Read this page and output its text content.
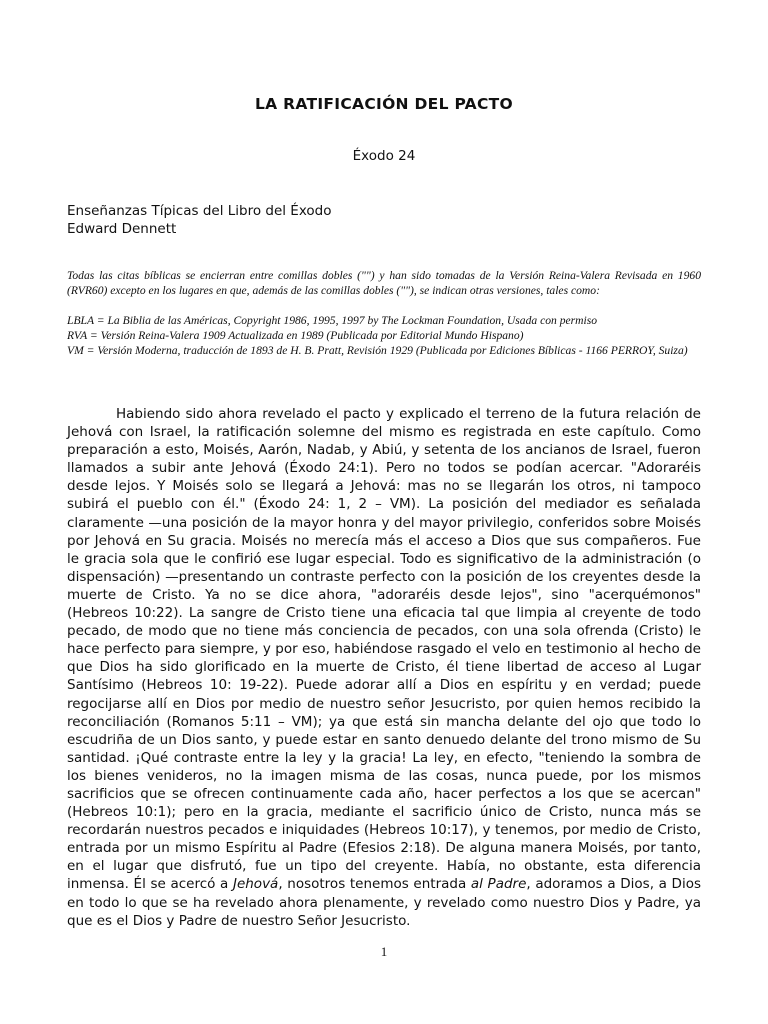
LA RATIFICACIÓN DEL PACTO
Éxodo 24
Enseñanzas Típicas del Libro del Éxodo
Edward Dennett

Todas las citas bíblicas se encierran entre comillas dobles ("") y han sido tomadas de la Versión Reina-Valera Revisada en 1960 (RVR60) excepto en los lugares en que, además de las comillas dobles (""), se indican otras versiones, tales como:

LBLA = La Biblia de las Américas, Copyright 1986, 1995, 1997 by The Lockman Foundation, Usada con permiso

RVA = Versión Reina-Valera 1909 Actualizada en 1989 (Publicada por Editorial Mundo Hispano)

VM = Versión Moderna, traducción de 1893 de H. B. Pratt, Revisión 1929 (Publicada por Ediciones Bíblicas - 1166 PERROY, Suiza)

Habiendo sido ahora revelado el pacto y explicado el terreno de la futura relación de Jehová con Israel, la ratificación solemne del mismo es registrada en este capítulo. Como preparación a esto, Moisés, Aarón, Nadab, y Abiú, y setenta de los ancianos de Israel, fueron llamados a subir ante Jehová (Éxodo 24:1). Pero no todos se podían acercar. "Adoraréis desde lejos. Y Moisés solo se llegará a Jehová: mas no se llegarán los otros, ni tampoco subirá el pueblo con él." (Éxodo 24: 1, 2 – VM). La posición del mediador es señalada claramente —una posición de la mayor honra y del mayor privilegio, conferidos sobre Moisés por Jehová en Su gracia. Moisés no merecía más el acceso a Dios que sus compañeros. Fue le gracia sola que le confirió ese lugar especial. Todo es significativo de la administración (o dispensación) —presentando un contraste perfecto con la posición de los creyentes desde la muerte de Cristo. Ya no se dice ahora, "adoraréis desde lejos", sino "acerquémonos" (Hebreos 10:22). La sangre de Cristo tiene una eficacia tal que limpia al creyente de todo pecado, de modo que no tiene más conciencia de pecados, con una sola ofrenda (Cristo) le hace perfecto para siempre, y por eso, habiéndose rasgado el velo en testimonio al hecho de que Dios ha sido glorificado en la muerte de Cristo, él tiene libertad de acceso al Lugar Santísimo (Hebreos 10: 19-22). Puede adorar allí a Dios en espíritu y en verdad; puede regocijarse allí en Dios por medio de nuestro señor Jesucristo, por quien hemos recibido la reconciliación (Romanos 5:11 – VM); ya que está sin mancha delante del ojo que todo lo escudriña de un Dios santo, y puede estar en santo denuedo delante del trono mismo de Su santidad. ¡Qué contraste entre la ley y la gracia! La ley, en efecto, "teniendo la sombra de los bienes venideros, no la imagen misma de las cosas, nunca puede, por los mismos sacrificios que se ofrecen continuamente cada año, hacer perfectos a los que se acercan" (Hebreos 10:1); pero en la gracia, mediante el sacrificio único de Cristo, nunca más se recordarán nuestros pecados e iniquidades (Hebreos 10:17), y tenemos, por medio de Cristo, entrada por un mismo Espíritu al Padre (Efesios 2:18). De alguna manera Moisés, por tanto, en el lugar que disfrutó, fue un tipo del creyente. Había, no obstante, esta diferencia inmensa. Él se acercó a Jehová, nosotros tenemos entrada al Padre, adoramos a Dios, a Dios en todo lo que se ha revelado ahora plenamente, y revelado como nuestro Dios y Padre, ya que es el Dios y Padre de nuestro Señor Jesucristo.

1
